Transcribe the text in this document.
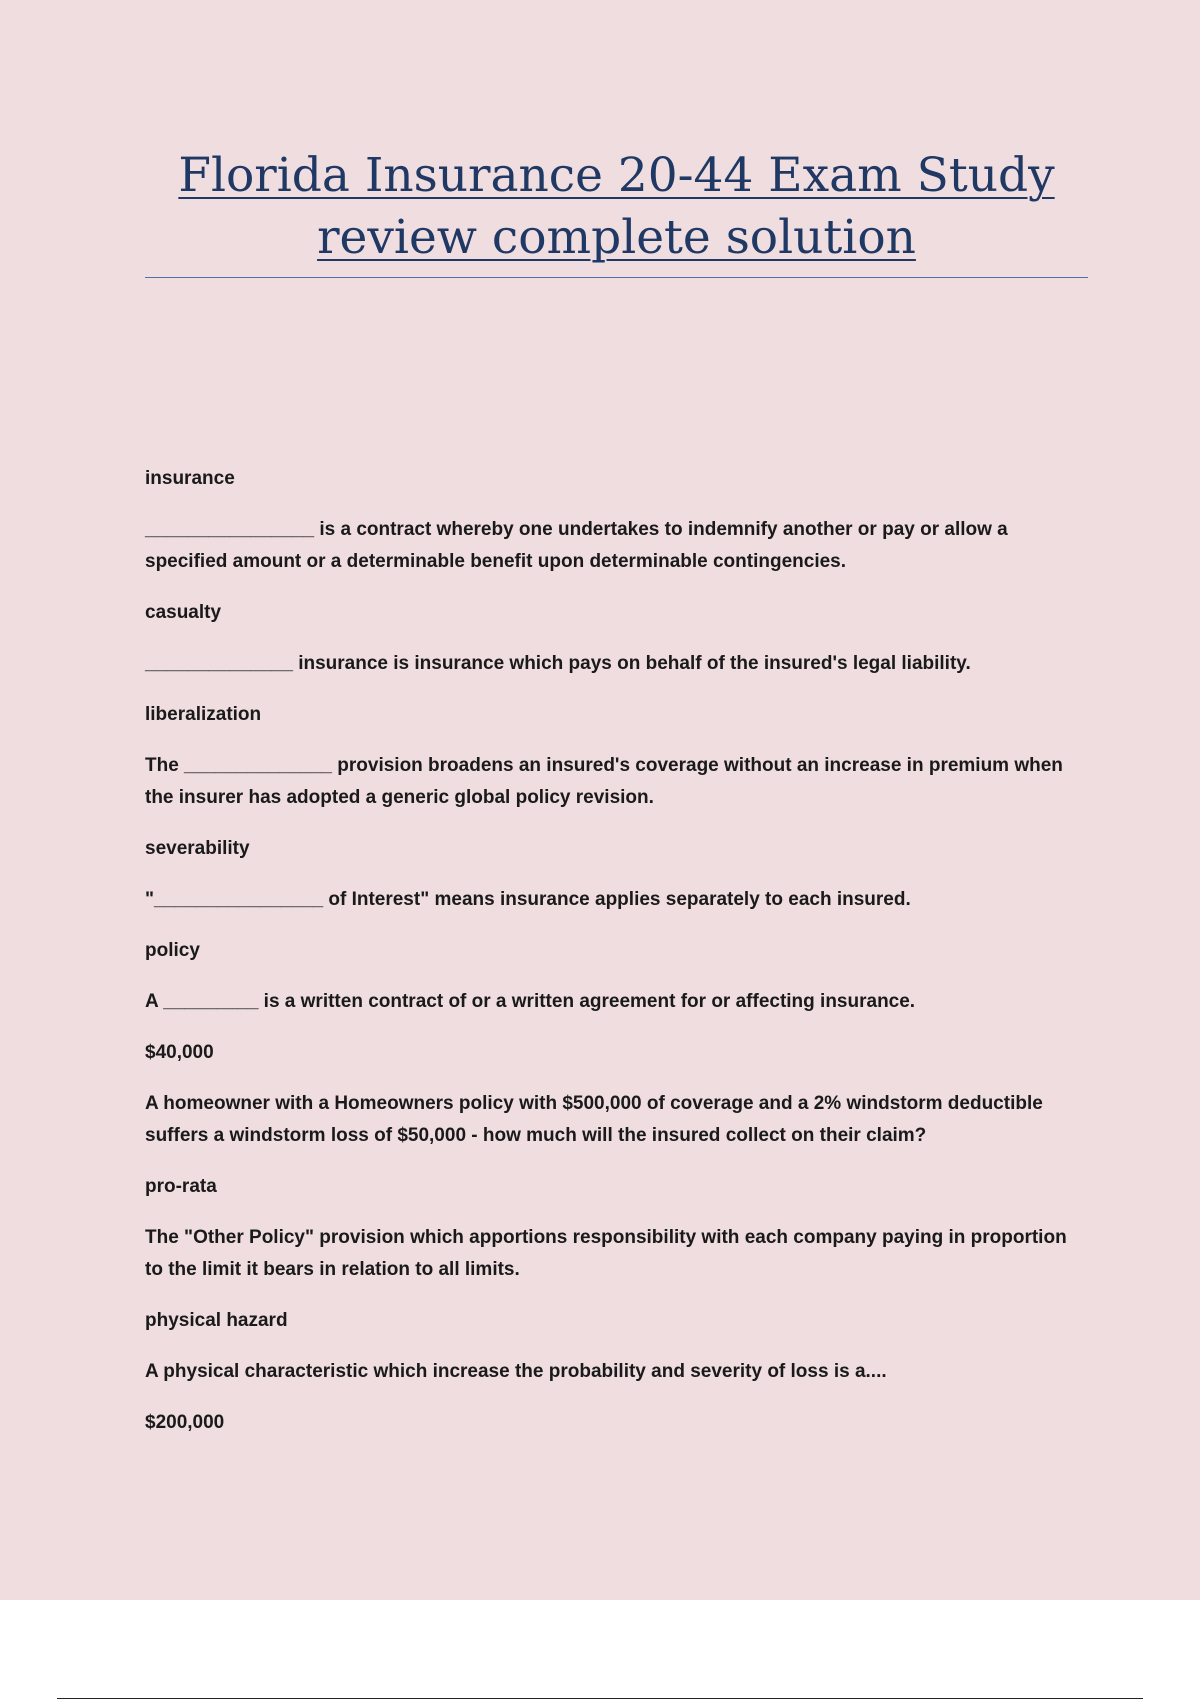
Florida Insurance 20-44 Exam Study
review complete solution
insurance
________________ is a contract whereby one undertakes to indemnify another or pay or allow a specified amount or a determinable benefit upon determinable contingencies.
casualty
______________ insurance is insurance which pays on behalf of the insured's legal liability.
liberalization
The ______________ provision broadens an insured's coverage without an increase in premium when the insurer has adopted a generic global policy revision.
severability
"________________ of Interest" means insurance applies separately to each insured.
policy
A _________ is a written contract of or a written agreement for or affecting insurance.
$40,000
A homeowner with a Homeowners policy with $500,000 of coverage and a 2% windstorm deductible suffers a windstorm loss of $50,000 - how much will the insured collect on their claim?
pro-rata
The "Other Policy" provision which apportions responsibility with each company paying in proportion to the limit it bears in relation to all limits.
physical hazard
A physical characteristic which increase the probability and severity of loss is a....
$200,000
